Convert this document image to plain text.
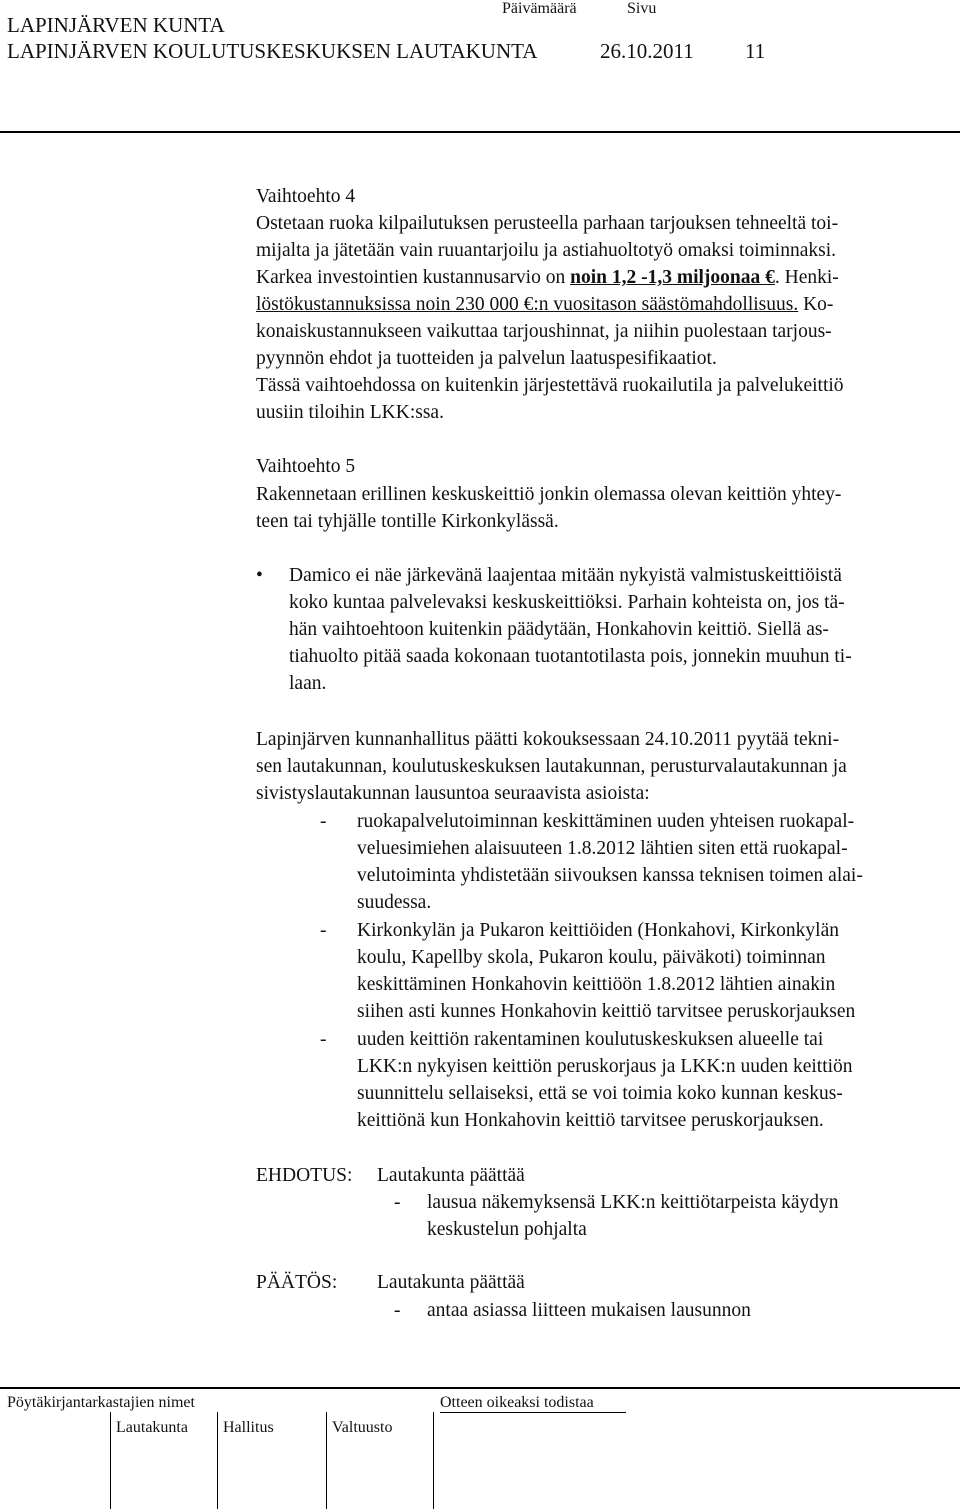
Päivämäärä	Sivu
LAPINJÄRVEN KUNTA
LAPINJÄRVEN KOULUTUSKESKUKSEN LAUTAKUNTA	26.10.2011 11
Vaihtoehto 4
Ostetaan ruoka kilpailutuksen perusteella parhaan tarjouksen tehneeltä toi-
mijalta ja jätetään vain ruuantarjoilu ja astiahuoltotyö omaksi toiminnaksi.
Karkea investointien kustannusarvio on noin 1,2 -1,3 miljoonaa €. Henki-
löstökustannuksissa noin 230 000 €:n vuositason säästömahdollisuus. Ko-
konaiskustannukseen vaikuttaa tarjoushinnat, ja niihin puolestaan tarjous-
pyynnön ehdot ja tuotteiden ja palvelun laatuspesifikaatiot.
Tässä vaihtoehdossa on kuitenkin järjestettävä ruokailutila ja palvelukeittiö
uusiin tiloihin LKK:ssa.
Vaihtoehto 5
Rakennetaan erillinen keskuskeittiö jonkin olemassa olevan keittiön yhtey-
teen tai tyhjälle tontille Kirkonkylässä.
• Damico ei näe järkevänä laajentaa mitään nykyistä valmistuskeittiöistä
koko kuntaa palvelevaksi keskuskeittiöksi. Parhain kohteista on, jos tä-
hän vaihtoehtoon kuitenkin päädytään, Honkahovin keittiö. Siellä as-
tiahuolto pitää saada kokonaan tuotantotilasta pois, jonnekin muuhun ti-
laan.
Lapinjärven kunnanhallitus päätti kokouksessaan 24.10.2011 pyytää tekni-
sen lautakunnan, koulutuskeskuksen lautakunnan, perusturvalautakunnan ja
sivistyslautakunnan lausuntoa seuraavista asioista:
- ruokapalvelutoiminnan keskittäminen uuden yhteisen ruokapal-
veluesimiehen alaisuuteen 1.8.2012 lähtien siten että ruokapal-
velutoiminta yhdistetään siivouksen kanssa teknisen toimen alai-
suudessa.
- Kirkonkylän ja Pukaron keittiöiden (Honkahovi, Kirkonkylän
koulu, Kapellby skola, Pukaron koulu, päiväkoti) toiminnan
keskittäminen Honkahovin keittiöön 1.8.2012 lähtien ainakin
siihen asti kunnes Honkahovin keittiö tarvitsee peruskorjauksen
- uuden keittiön rakentaminen koulutuskeskuksen alueelle tai
LKK:n nykyisen keittiön peruskorjaus ja LKK:n uuden keittiön
suunnittelu sellaiseksi, että se voi toimia koko kunnan keskus-
keittiönä kun Honkahovin keittiö tarvitsee peruskorjauksen.
EHDOTUS: Lautakunta päättää
- lausua näkemyksensä LKK:n keittiötarpeista käydyn
keskustelun pohjalta
PÄÄTÖS: Lautakunta päättää
- antaa asiassa liitteen mukaisen lausunnon
Pöytäkirjantarkastajien nimet	Otteen oikeaksi todistaa
Lautakunta Hallitus	Valtuusto
